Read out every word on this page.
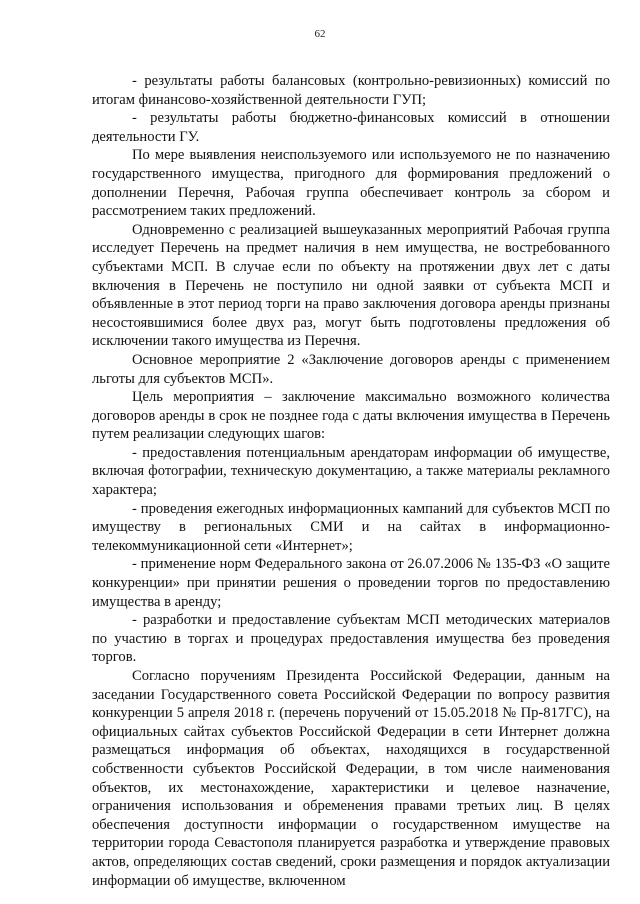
62

- результаты работы балансовых (контрольно-ревизионных) комиссий по итогам финансово-хозяйственной деятельности ГУП;

- результаты работы бюджетно-финансовых комиссий в отношении деятельности ГУ.

По мере выявления неиспользуемого или используемого не по назначению государственного имущества, пригодного для формирования предложений о дополнении Перечня, Рабочая группа обеспечивает контроль за сбором и рассмотрением таких предложений.

Одновременно с реализацией вышеуказанных мероприятий Рабочая группа исследует Перечень на предмет наличия в нем имущества, не востребованного субъектами МСП. В случае если по объекту на протяжении двух лет с даты включения в Перечень не поступило ни одной заявки от субъекта МСП и объявленные в этот период торги на право заключения договора аренды признаны несостоявшимися более двух раз, могут быть подготовлены предложения об исключении такого имущества из Перечня.

Основное мероприятие 2 «Заключение договоров аренды с применением льготы для субъектов МСП».

Цель мероприятия – заключение максимально возможного количества договоров аренды в срок не позднее года с даты включения имущества в Перечень путем реализации следующих шагов:

- предоставления потенциальным арендаторам информации об имуществе, включая фотографии, техническую документацию, а также материалы рекламного характера;

- проведения ежегодных информационных кампаний для субъектов МСП по имуществу в региональных СМИ и на сайтах в информационно-телекоммуникационной сети «Интернет»;

- применение норм Федерального закона от 26.07.2006 № 135-ФЗ «О защите конкуренции» при принятии решения о проведении торгов по предоставлению имущества в аренду;

- разработки и предоставление субъектам МСП методических материалов по участию в торгах и процедурах предоставления имущества без проведения торгов.

Согласно поручениям Президента Российской Федерации, данным на заседании Государственного совета Российской Федерации по вопросу развития конкуренции 5 апреля 2018 г. (перечень поручений от 15.05.2018 № Пр-817ГС), на официальных сайтах субъектов Российской Федерации в сети Интернет должна размещаться информация об объектах, находящихся в государственной собственности субъектов Российской Федерации, в том числе наименования объектов, их местонахождение, характеристики и целевое назначение, ограничения использования и обременения правами третьих лиц. В целях обеспечения доступности информации о государственном имуществе на территории города Севастополя планируется разработка и утверждение правовых актов, определяющих состав сведений, сроки размещения и порядок актуализации информации об имуществе, включенном
